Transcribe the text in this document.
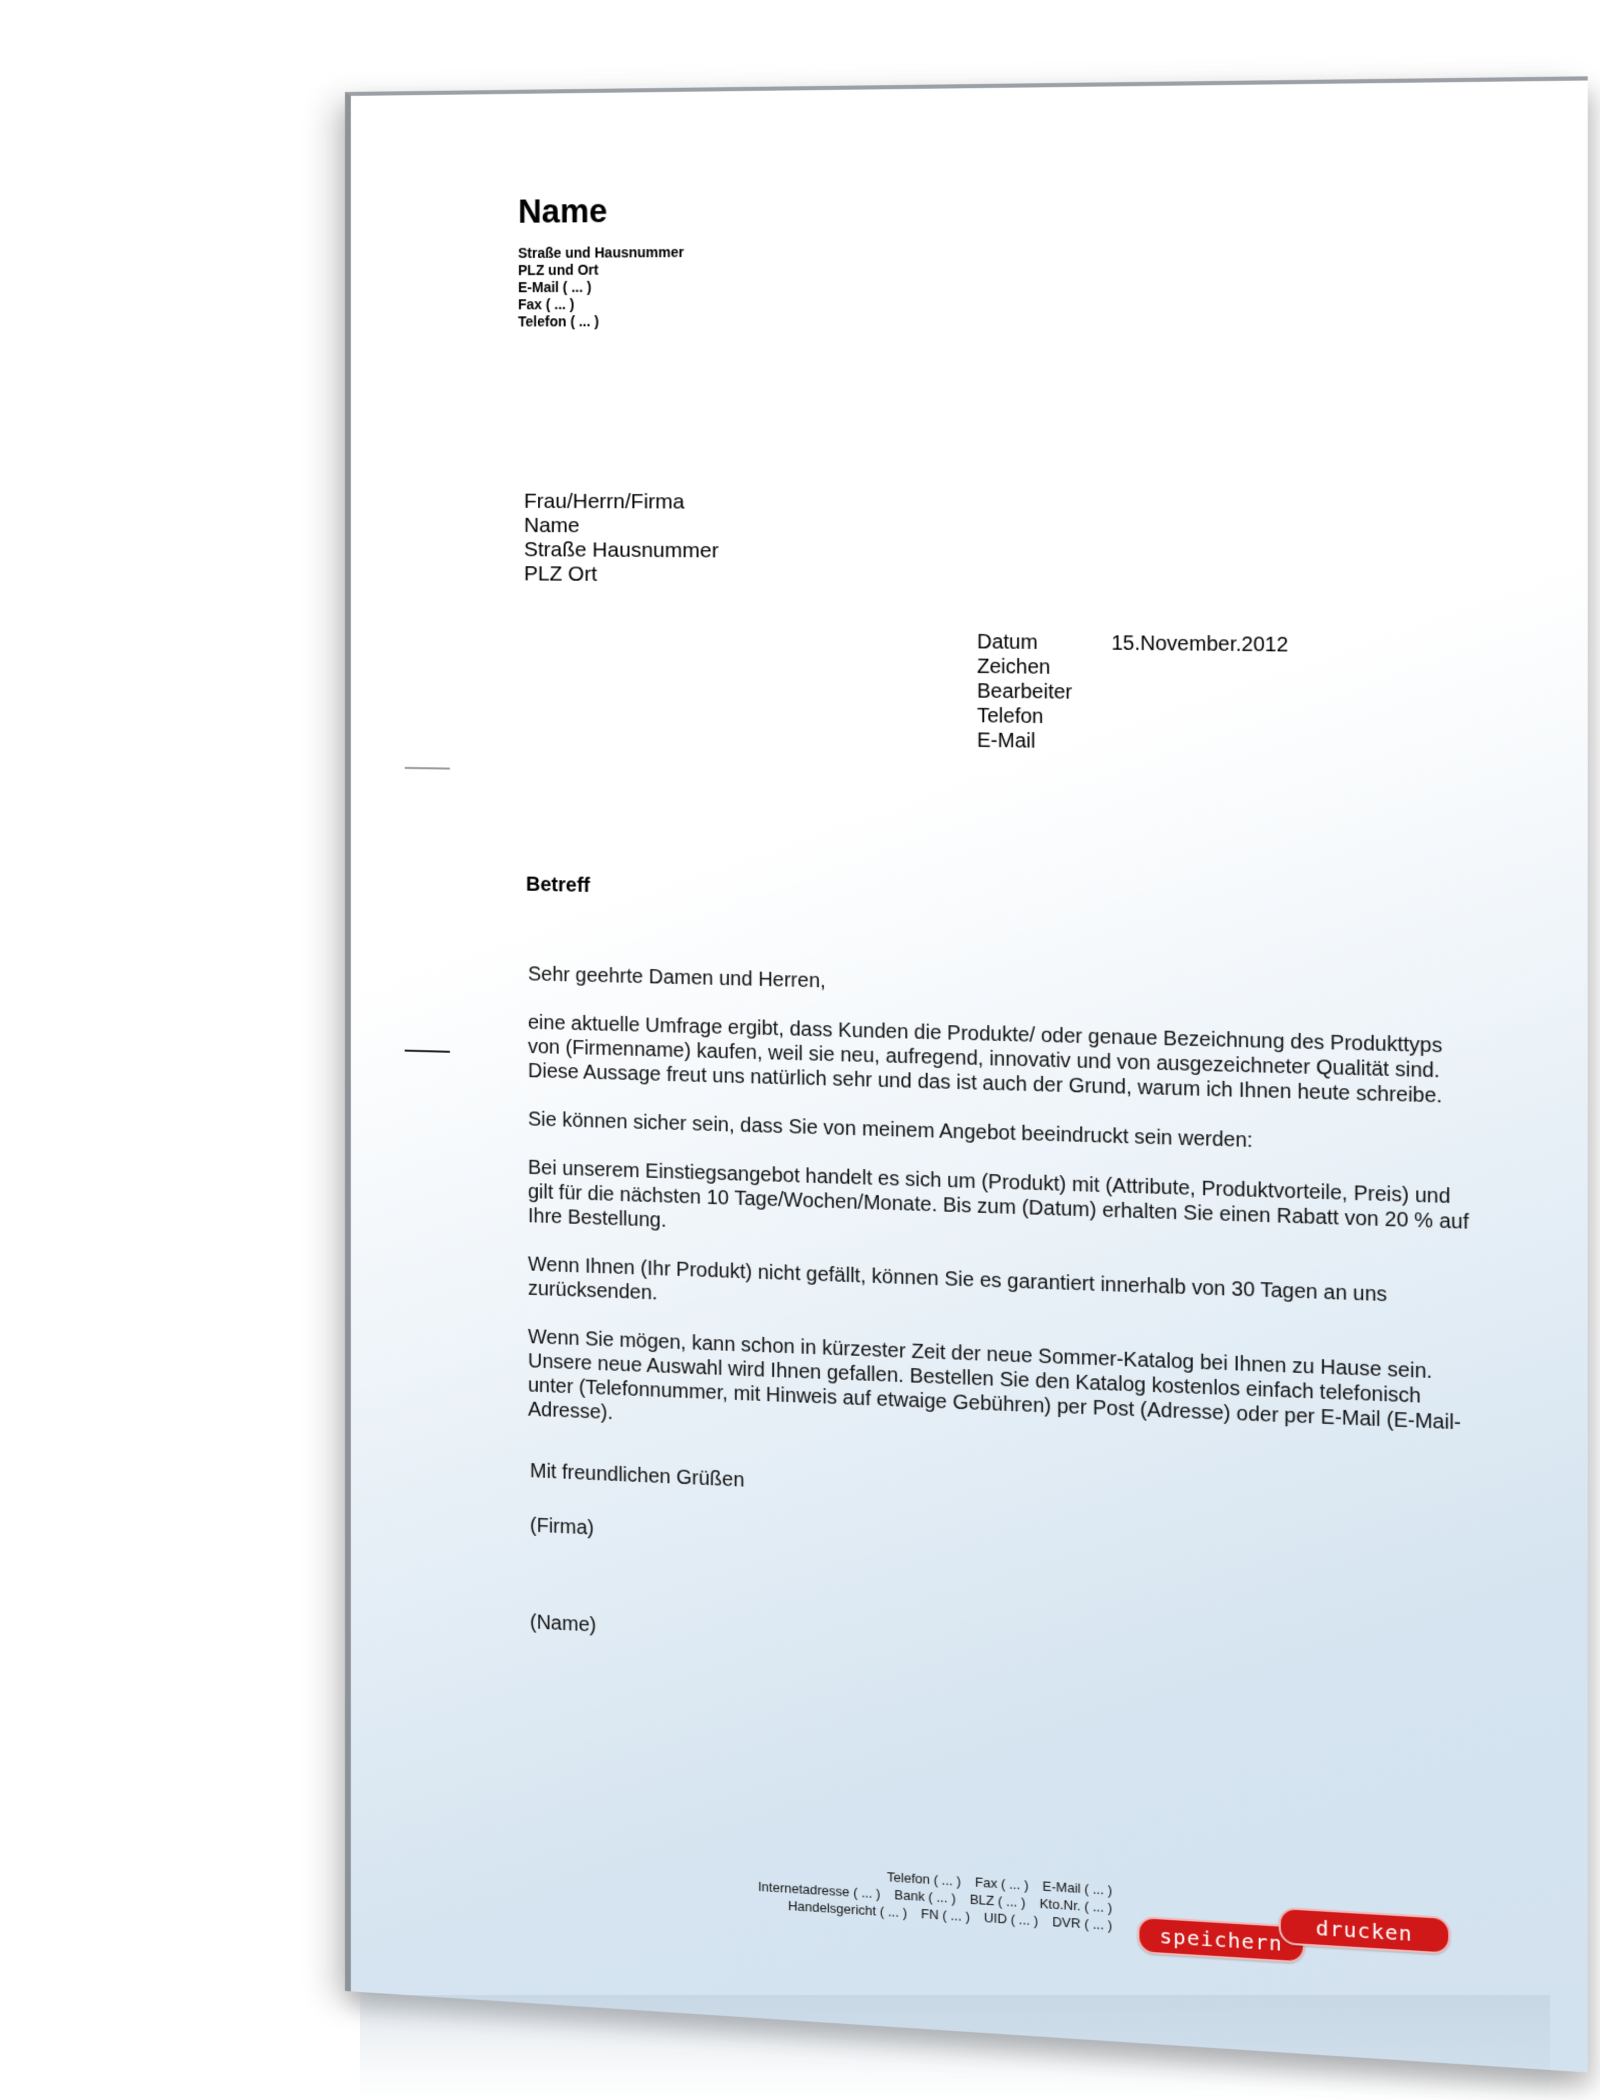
Name
Straße und Hausnummer
PLZ und Ort
E-Mail ( ... )
Fax ( ... )
Telefon ( ... )
Frau/Herrn/Firma
Name
Straße Hausnummer
PLZ Ort
Datum	15.November.2012
Zeichen
Bearbeiter
Telefon
E-Mail
Betreff

Sehr geehrte Damen und Herren,

eine aktuelle Umfrage ergibt, dass Kunden die Produkte/ oder genaue Bezeichnung des Produkttyps von (Firmenname) kaufen, weil sie neu, aufregend, innovativ und von ausgezeichneter Qualität sind. Diese Aussage freut uns natürlich sehr und das ist auch der Grund, warum ich Ihnen heute schreibe.

Sie können sicher sein, dass Sie von meinem Angebot beeindruckt sein werden:

Bei unserem Einstiegsangebot handelt es sich um (Produkt) mit (Attribute, Produktvorteile, Preis) und gilt für die nächsten 10 Tage/Wochen/Monate. Bis zum (Datum) erhalten Sie einen Rabatt von 20 % auf Ihre Bestellung.

Wenn Ihnen (Ihr Produkt) nicht gefällt, können Sie es garantiert innerhalb von 30 Tagen an uns zurücksenden.

Wenn Sie mögen, kann schon in kürzester Zeit der neue Sommer-Katalog bei Ihnen zu Hause sein. Unsere neue Auswahl wird Ihnen gefallen. Bestellen Sie den Katalog kostenlos einfach telefonisch unter (Telefonnummer, mit Hinweis auf etwaige Gebühren) per Post (Adresse) oder per E-Mail (E-Mail-Adresse).

Mit freundlichen Grüßen
(Firma)
(Name)
Telefon ( ... ) Fax ( ... ) E-Mail ( ... )
Internetadresse ( ... ) Bank ( ... ) BLZ ( ... ) Kto.Nr. ( ... )
Handelsgericht ( ... ) FN ( ... ) UID ( ... ) DVR ( ... )
speichern	drucken
